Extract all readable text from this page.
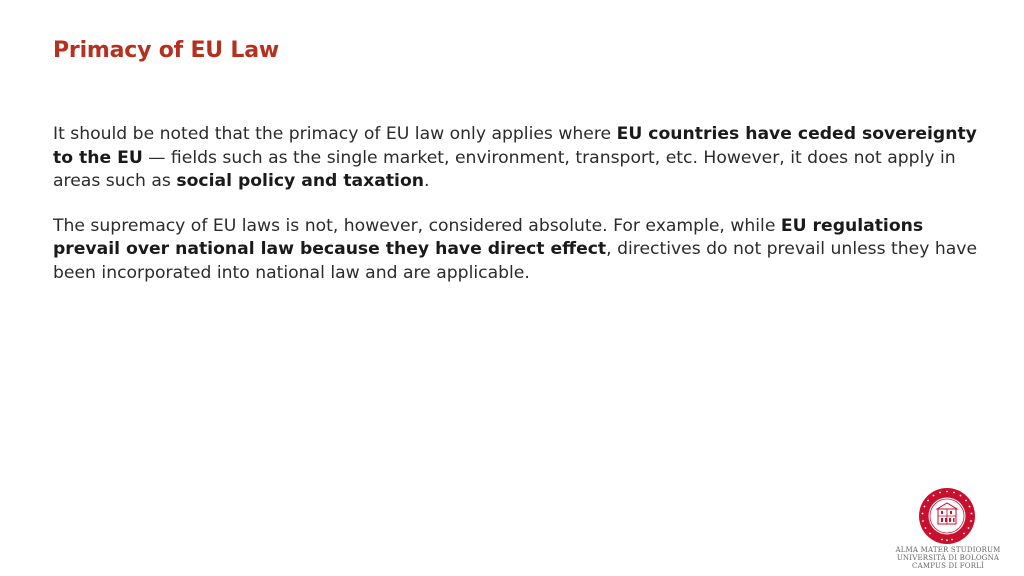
Primacy of EU Law

It should be noted that the primacy of EU law only applies where EU countries have ceded sovereignty to the EU — fields such as the single market, environment, transport, etc. However, it does not apply in areas such as social policy and taxation.

The supremacy of EU laws is not, however, considered absolute. For example, while EU regulations prevail over national law because they have direct effect, directives do not prevail unless they have been incorporated into national law and are applicable.

ALMA MATER STUDIORUM
UNIVERSITÀ DI BOLOGNA
CAMPUS DI FORLÌ
